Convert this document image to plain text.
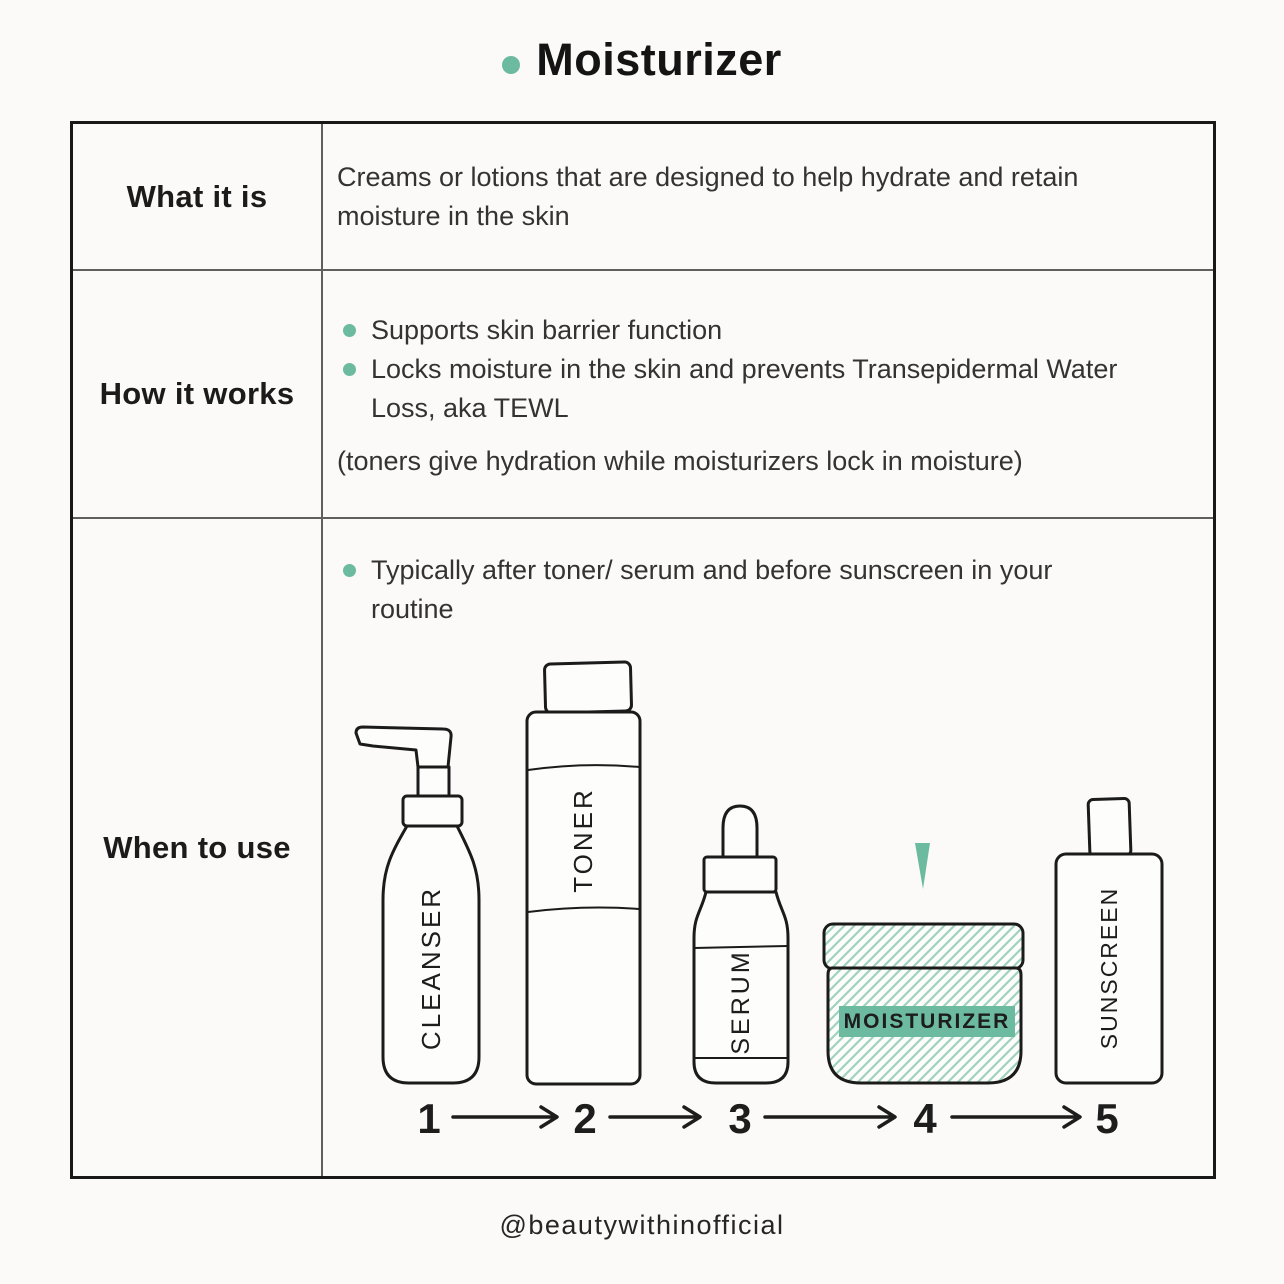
Moisturizer
What it is

Creams or lotions that are designed to help hydrate and retain moisture in the skin

How it works
Supports skin barrier function
Locks moisture in the skin and prevents Transepidermal Water Loss, aka TEWL
(toners give hydration while moisturizers lock in moisture)
When to use
Typically after toner/ serum and before sunscreen in your routine
CLEANSER
TONER
SERUM	MOISTURIZER	SUNSCREEN
1	2	3	4	5
@beautywithinofficial
